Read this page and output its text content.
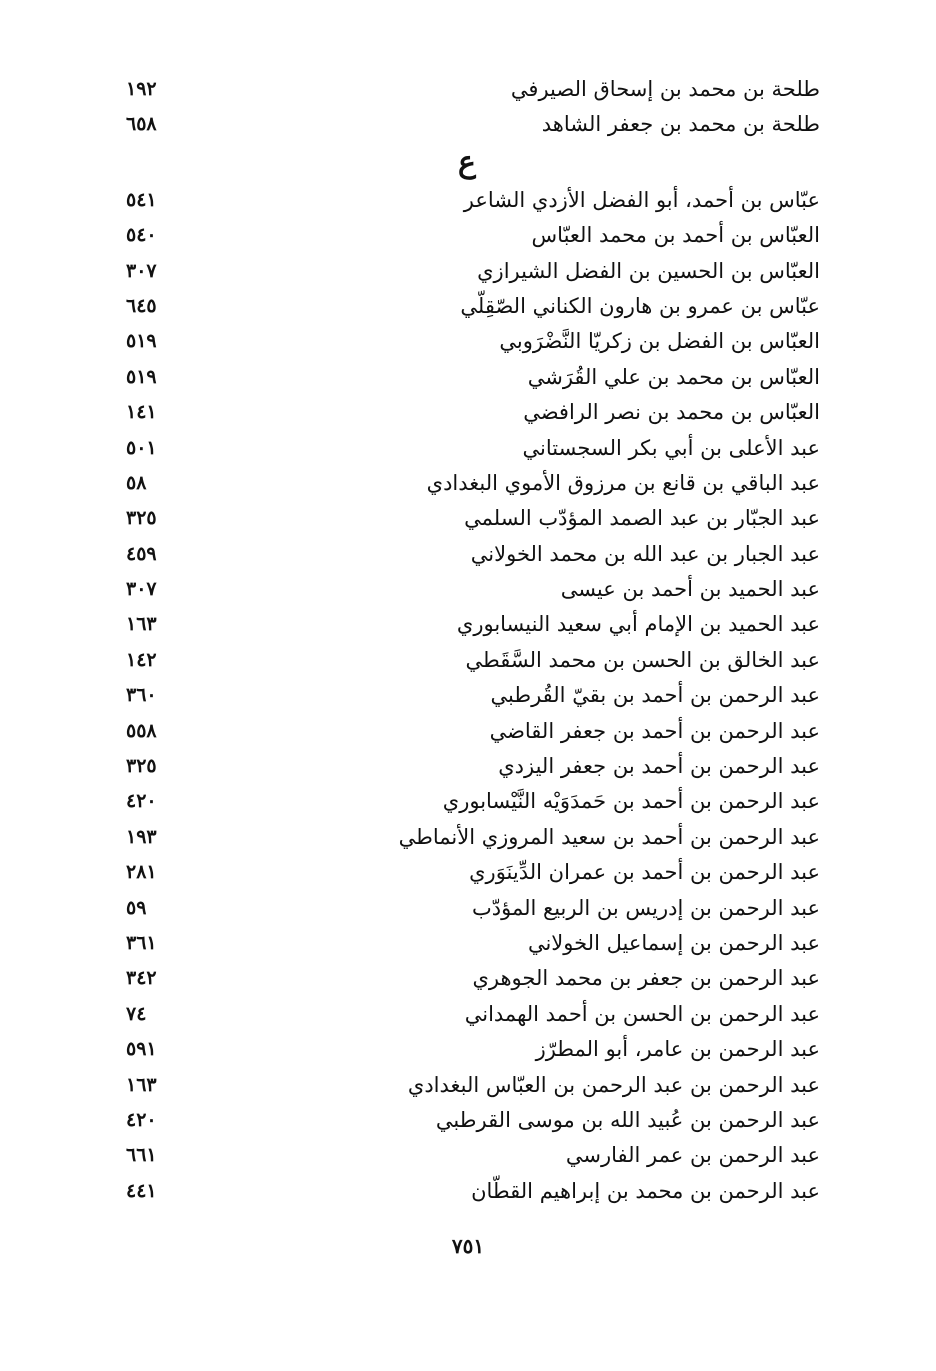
طلحة بن محمد بن إسحاق الصيرفي
١٩٢
طلحة بن محمد بن جعفر الشاهد
٦٥٨
ع
عبّاس بن أحمد، أبو الفضل الأزدي الشاعر
٥٤١
العبّاس بن أحمد بن محمد العبّاس
٥٤٠
العبّاس بن الحسين بن الفضل الشيرازي
٣٠٧
عبّاس بن عمرو بن هارون الكناني الصّقِلّي
٦٤٥
العبّاس بن الفضل بن زكريّا النَّضْرَوبي
٥١٩
العبّاس بن محمد بن علي القُرَشي
٥١٩
العبّاس بن محمد بن نصر الرافضي
١٤١
عبد الأعلى بن أبي بكر السجستاني
٥٠١
عبد الباقي بن قانع بن مرزوق الأموي البغدادي
٥٨
عبد الجبّار بن عبد الصمد المؤدّب السلمي
٣٢٥
عبد الجبار بن عبد الله بن محمد الخولاني
٤٥٩
عبد الحميد بن أحمد بن عيسى
٣٠٧
عبد الحميد بن الإمام أبي سعيد النيسابوري
١٦٣
عبد الخالق بن الحسن بن محمد السَّقَطي
١٤٢
عبد الرحمن بن أحمد بن بقيّ القُرطبي
٣٦٠
عبد الرحمن بن أحمد بن جعفر القاضي
٥٥٨
عبد الرحمن بن أحمد بن جعفر اليزدي
٣٢٥
عبد الرحمن بن أحمد بن حَمدَوَيْه النَّيْسابوري
٤٢٠
عبد الرحمن بن أحمد بن سعيد المروزي الأنماطي
١٩٣
عبد الرحمن بن أحمد بن عمران الدِّينَوَري
٢٨١
عبد الرحمن بن إدريس بن الربيع المؤدّب
٥٩
عبد الرحمن بن إسماعيل الخولاني
٣٦١
عبد الرحمن بن جعفر بن محمد الجوهري
٣٤٢
عبد الرحمن بن الحسن بن أحمد الهمداني
٧٤
عبد الرحمن بن عامر، أبو المطرّز
٥٩١
عبد الرحمن بن عبد الرحمن بن العبّاس البغدادي
١٦٣
عبد الرحمن بن عُبيد الله بن موسى القرطبي
٤٢٠
عبد الرحمن بن عمر الفارسي
٦٦١
عبد الرحمن بن محمد بن إبراهيم القطّان
٤٤١
٧٥١
